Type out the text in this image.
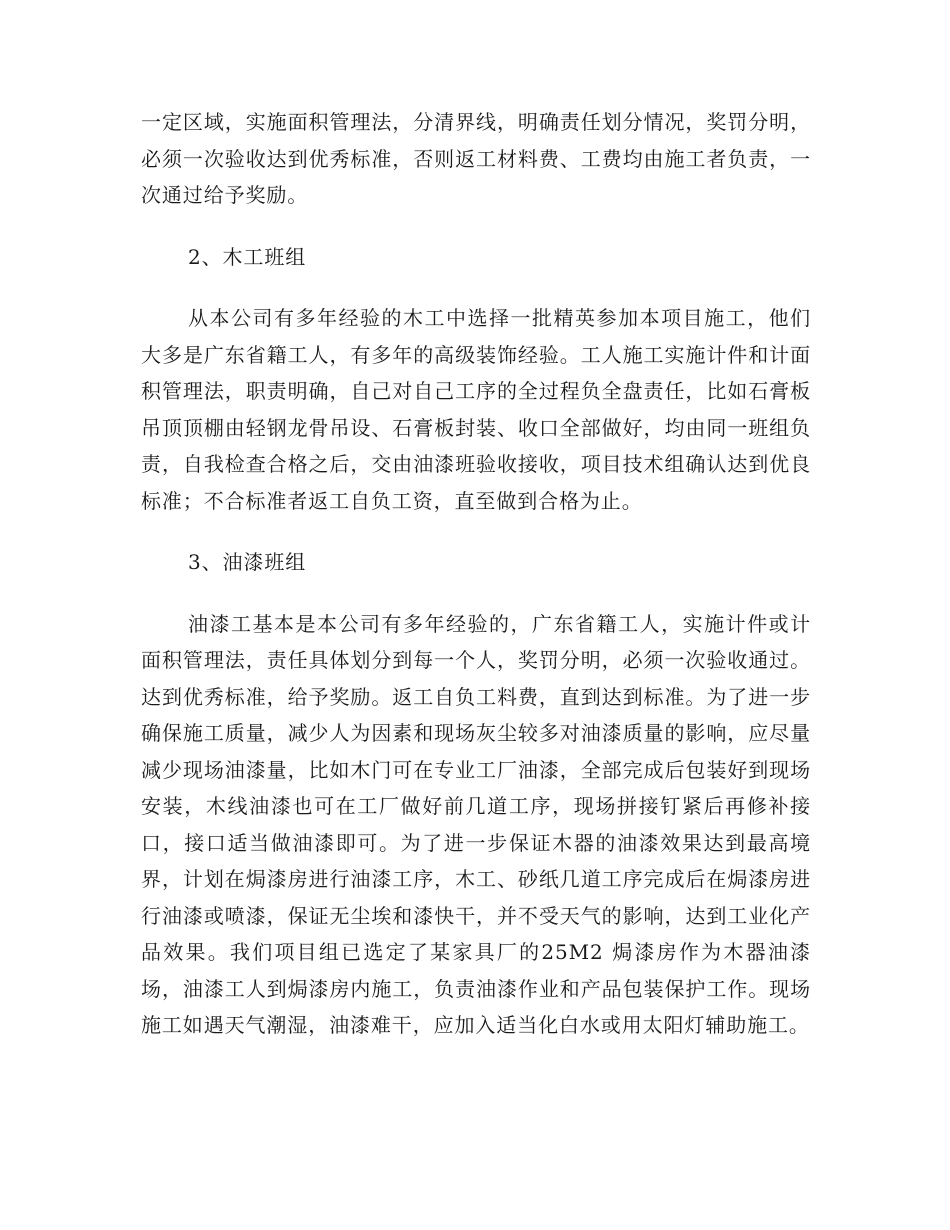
一定区域，实施面积管理法，分清界线，明确责任划分情况，奖罚分明，必须一次验收达到优秀标准，否则返工材料费、工费均由施工者负责，一次通过给予奖励。

2、木工班组

从本公司有多年经验的木工中选择一批精英参加本项目施工，他们大多是广东省籍工人，有多年的高级装饰经验。工人施工实施计件和计面积管理法，职责明确，自己对自己工序的全过程负全盘责任，比如石膏板吊顶顶棚由轻钢龙骨吊设、石膏板封装、收口全部做好，均由同一班组负责，自我检查合格之后，交由油漆班验收接收，项目技术组确认达到优良标准；不合标准者返工自负工资，直至做到合格为止。

3、油漆班组

油漆工基本是本公司有多年经验的，广东省籍工人，实施计件或计面积管理法，责任具体划分到每一个人，奖罚分明，必须一次验收通过。达到优秀标准，给予奖励。返工自负工料费，直到达到标准。为了进一步确保施工质量，减少人为因素和现场灰尘较多对油漆质量的影响，应尽量减少现场油漆量，比如木门可在专业工厂油漆，全部完成后包装好到现场安装，木线油漆也可在工厂做好前几道工序，现场拼接钉紧后再修补接口，接口适当做油漆即可。为了进一步保证木器的油漆效果达到最高境界，计划在焗漆房进行油漆工序，木工、砂纸几道工序完成后在焗漆房进行油漆或喷漆，保证无尘埃和漆快干，并不受天气的影响，达到工业化产品效果。我们项目组已选定了某家具厂的25M2 焗漆房作为木器油漆场，油漆工人到焗漆房内施工，负责油漆作业和产品包装保护工作。现场施工如遇天气潮湿，油漆难干，应加入适当化白水或用太阳灯辅助施工。
